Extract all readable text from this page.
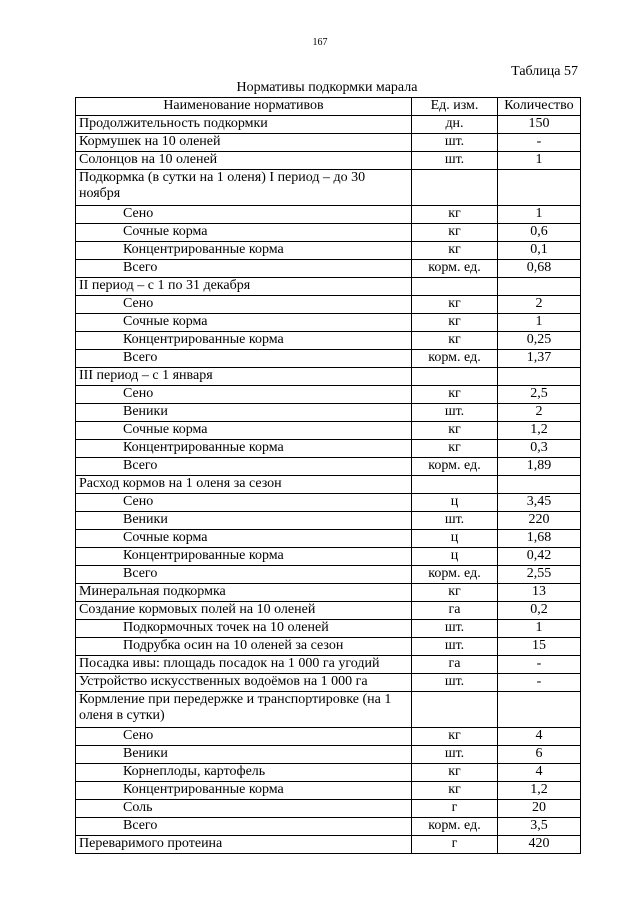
167
Таблица 57
Нормативы подкормки марала
Наименование нормативов	Ед. изм.	Количество
Продолжительность подкормки	дн.	150
Кормушек на 10 оленей	шт.	-
Солонцов на 10 оленей	шт.	1
Подкормка (в сутки на 1 оленя) I период – до 30 ноября		
Сено	кг	1
Сочные корма	кг	0,6
Концентрированные корма	кг	0,1
Всего	корм. ед.	0,68
II период – с 1 по 31 декабря		
Сено	кг	2
Сочные корма	кг	1
Концентрированные корма	кг	0,25
Всего	корм. ед.	1,37
III период – с 1 января		
Сено	кг	2,5
Веники	шт.	2
Сочные корма	кг	1,2
Концентрированные корма	кг	0,3
Всего	корм. ед.	1,89
Расход кормов на 1 оленя за сезон		
Сено	ц	3,45
Веники	шт.	220
Сочные корма	ц	1,68
Концентрированные корма	ц	0,42
Всего	корм. ед.	2,55
Минеральная подкормка	кг	13
Создание кормовых полей на 10 оленей	га	0,2
Подкормочных точек на 10 оленей	шт.	1
Подрубка осин на 10 оленей за сезон	шт.	15
Посадка ивы: площадь посадок на 1 000 га угодий	га	-
Устройство искусственных водоёмов на 1 000 га	шт.	-
Кормление при передержке и транспортировке (на 1 оленя в сутки)		
Сено	кг	4
Веники	шт.	6
Корнеплоды, картофель	кг	4
Концентрированные корма	кг	1,2
Соль	г	20
Всего	корм. ед.	3,5
Переваримого протеина	г	420
